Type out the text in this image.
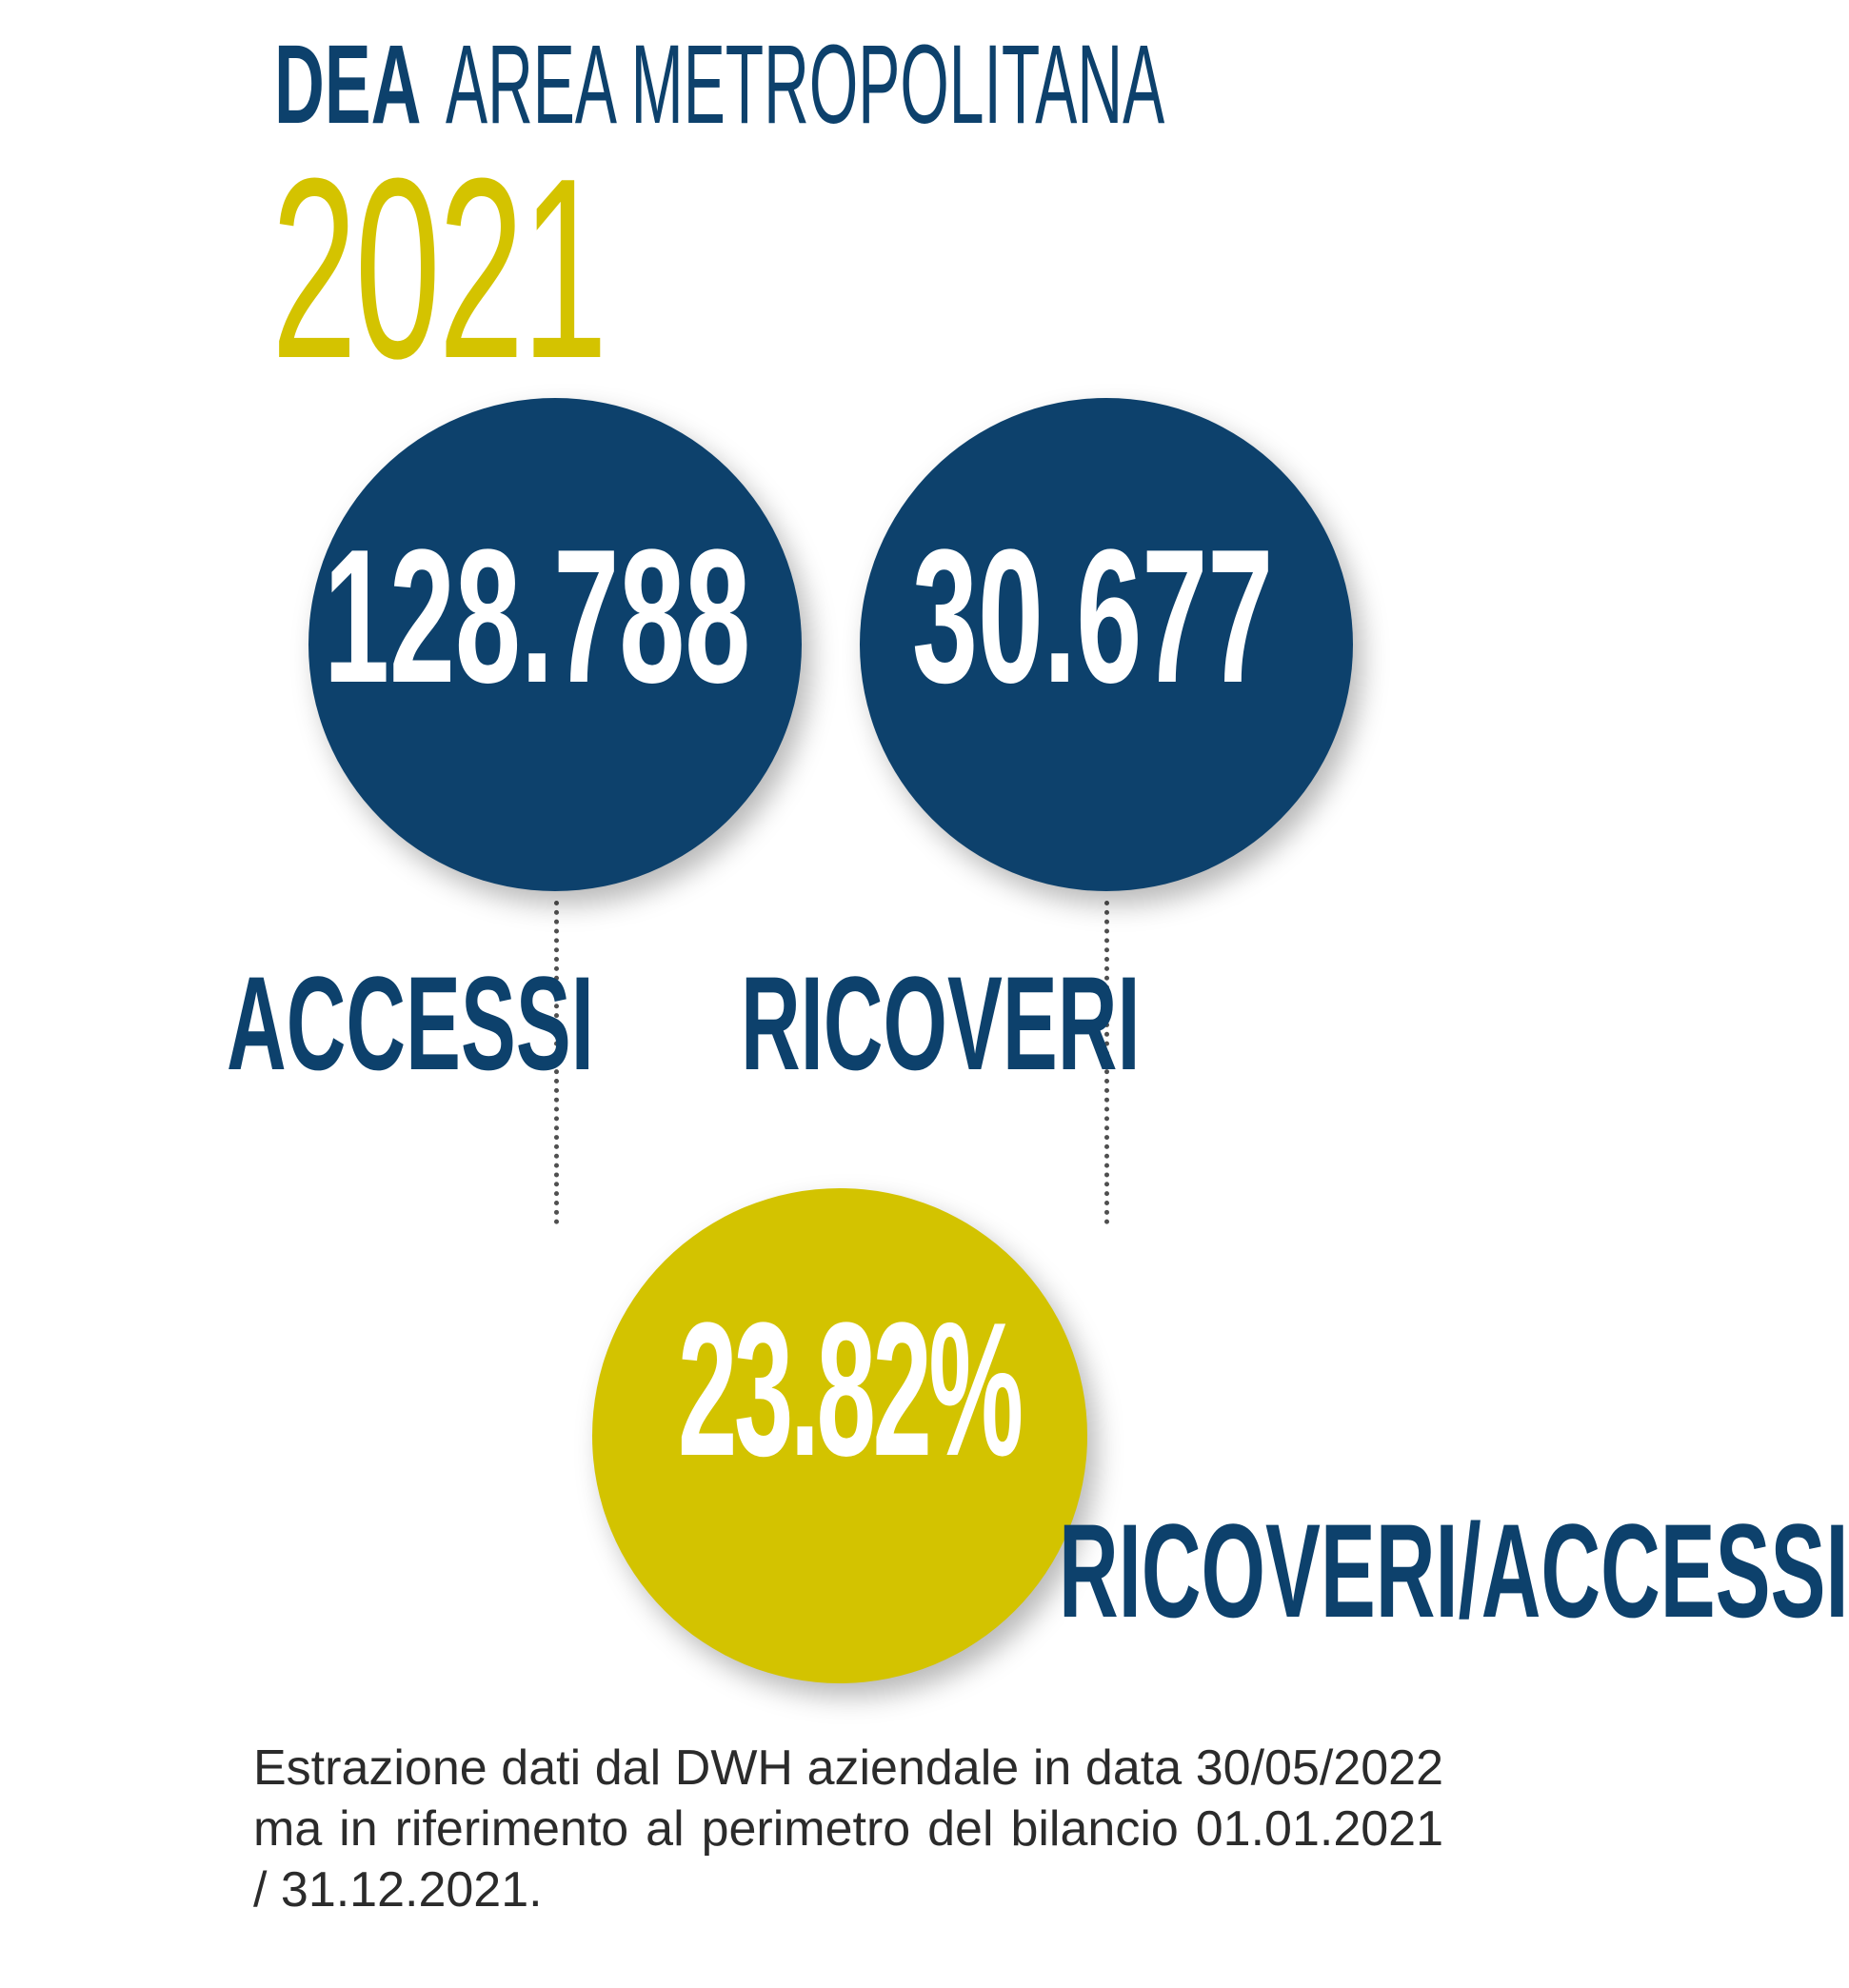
DEA AREA METROPOLITANA
2021
128.788 30.677
23.82%
ACCESSI RICOVERI
RICOVERI/ACCESSI
Estrazione dati dal DWH aziendale in data 30/05/2022 ma in riferimento al perimetro del bilancio 01.01.2021 / 31.12.2021.
